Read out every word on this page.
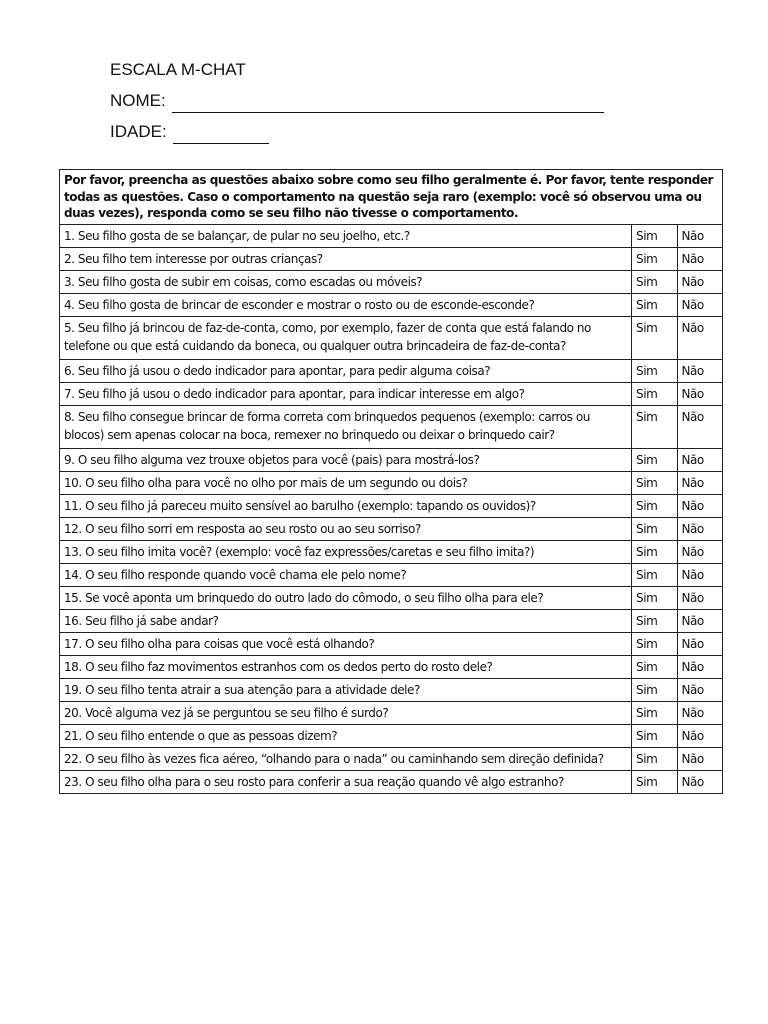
ESCALA M-CHAT
NOME:
IDADE:
Por favor, preencha as questões abaixo sobre como seu filho geralmente é. Por favor, tente responder todas as questões. Caso o comportamento na questão seja raro (exemplo: você só observou uma ou duas vezes), responda como se seu filho não tivesse o comportamento.		
1. Seu filho gosta de se balançar, de pular no seu joelho, etc.?	Sim	Não
2. Seu filho tem interesse por outras crianças?	Sim	Não
3. Seu filho gosta de subir em coisas, como escadas ou móveis?	Sim	Não
4. Seu filho gosta de brincar de esconder e mostrar o rosto ou de esconde-esconde?	Sim	Não
5. Seu filho já brincou de faz-de-conta, como, por exemplo, fazer de conta que está falando no telefone ou que está cuidando da boneca, ou qualquer outra brincadeira de faz-de-conta?	Sim	Não
6. Seu filho já usou o dedo indicador para apontar, para pedir alguma coisa?	Sim	Não
7. Seu filho já usou o dedo indicador para apontar, para indicar interesse em algo?	Sim	Não
8. Seu filho consegue brincar de forma correta com brinquedos pequenos (exemplo: carros ou blocos) sem apenas colocar na boca, remexer no brinquedo ou deixar o brinquedo cair?	Sim	Não
9. O seu filho alguma vez trouxe objetos para você (pais) para mostrá-los?	Sim	Não
10. O seu filho olha para você no olho por mais de um segundo ou dois?	Sim	Não
11. O seu filho já pareceu muito sensível ao barulho (exemplo: tapando os ouvidos)?	Sim	Não
12. O seu filho sorri em resposta ao seu rosto ou ao seu sorriso?	Sim	Não
13. O seu filho imita você? (exemplo: você faz expressões/caretas e seu filho imita?)	Sim	Não
14. O seu filho responde quando você chama ele pelo nome?	Sim	Não
15. Se você aponta um brinquedo do outro lado do cômodo, o seu filho olha para ele?	Sim	Não
16. Seu filho já sabe andar?	Sim	Não
17. O seu filho olha para coisas que você está olhando?	Sim	Não
18. O seu filho faz movimentos estranhos com os dedos perto do rosto dele?	Sim	Não
19. O seu filho tenta atrair a sua atenção para a atividade dele?	Sim	Não
20. Você alguma vez já se perguntou se seu filho é surdo?	Sim	Não
21. O seu filho entende o que as pessoas dizem?	Sim	Não
22. O seu filho às vezes fica aéreo, “olhando para o nada” ou caminhando sem direção definida?	Sim	Não
23. O seu filho olha para o seu rosto para conferir a sua reação quando vê algo estranho?	Sim	Não
